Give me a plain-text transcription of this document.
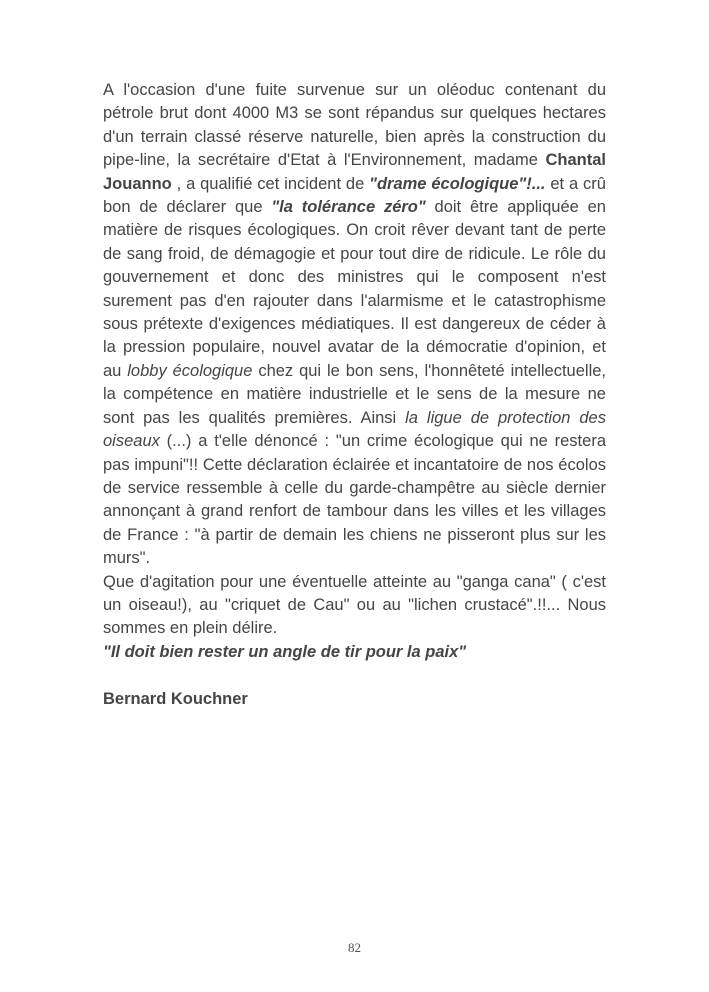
A l'occasion d'une fuite survenue sur un oléoduc contenant du pétrole brut dont 4000 M3 se sont répandus sur quelques hectares d'un terrain classé réserve naturelle, bien après la construction du pipe-line, la secrétaire d'Etat à l'Environnement, madame Chantal Jouanno , a qualifié cet incident de "drame écologique"!... et a crû bon de déclarer que "la tolérance zéro" doit être appliquée en matière de risques écologiques. On croit rêver devant tant de perte de sang froid, de démagogie et pour tout dire de ridicule. Le rôle du gouvernement et donc des ministres qui le composent n'est surement pas d'en rajouter dans l'alarmisme et le catastrophisme sous prétexte d'exigences médiatiques. Il est dangereux de céder à la pression populaire, nouvel avatar de la démocratie d'opinion, et au lobby écologique chez qui le bon sens, l'honnêteté intellectuelle, la compétence en matière industrielle et le sens de la mesure ne sont pas les qualités premières. Ainsi la ligue de protection des oiseaux (...) a t'elle dénoncé : "un crime écologique qui ne restera pas impuni"!! Cette déclaration éclairée et incantatoire de nos écolos de service ressemble à celle du garde-champêtre au siècle dernier annonçant à grand renfort de tambour dans les villes et les villages de France : "à partir de demain les chiens ne pisseront plus sur les murs".

Que d'agitation pour une éventuelle atteinte au "ganga cana" ( c'est un oiseau!), au "criquet de Cau" ou au "lichen crustacé".!!... Nous sommes en plein délire.

"Il doit bien rester un angle de tir pour la paix"

Bernard Kouchner

82
